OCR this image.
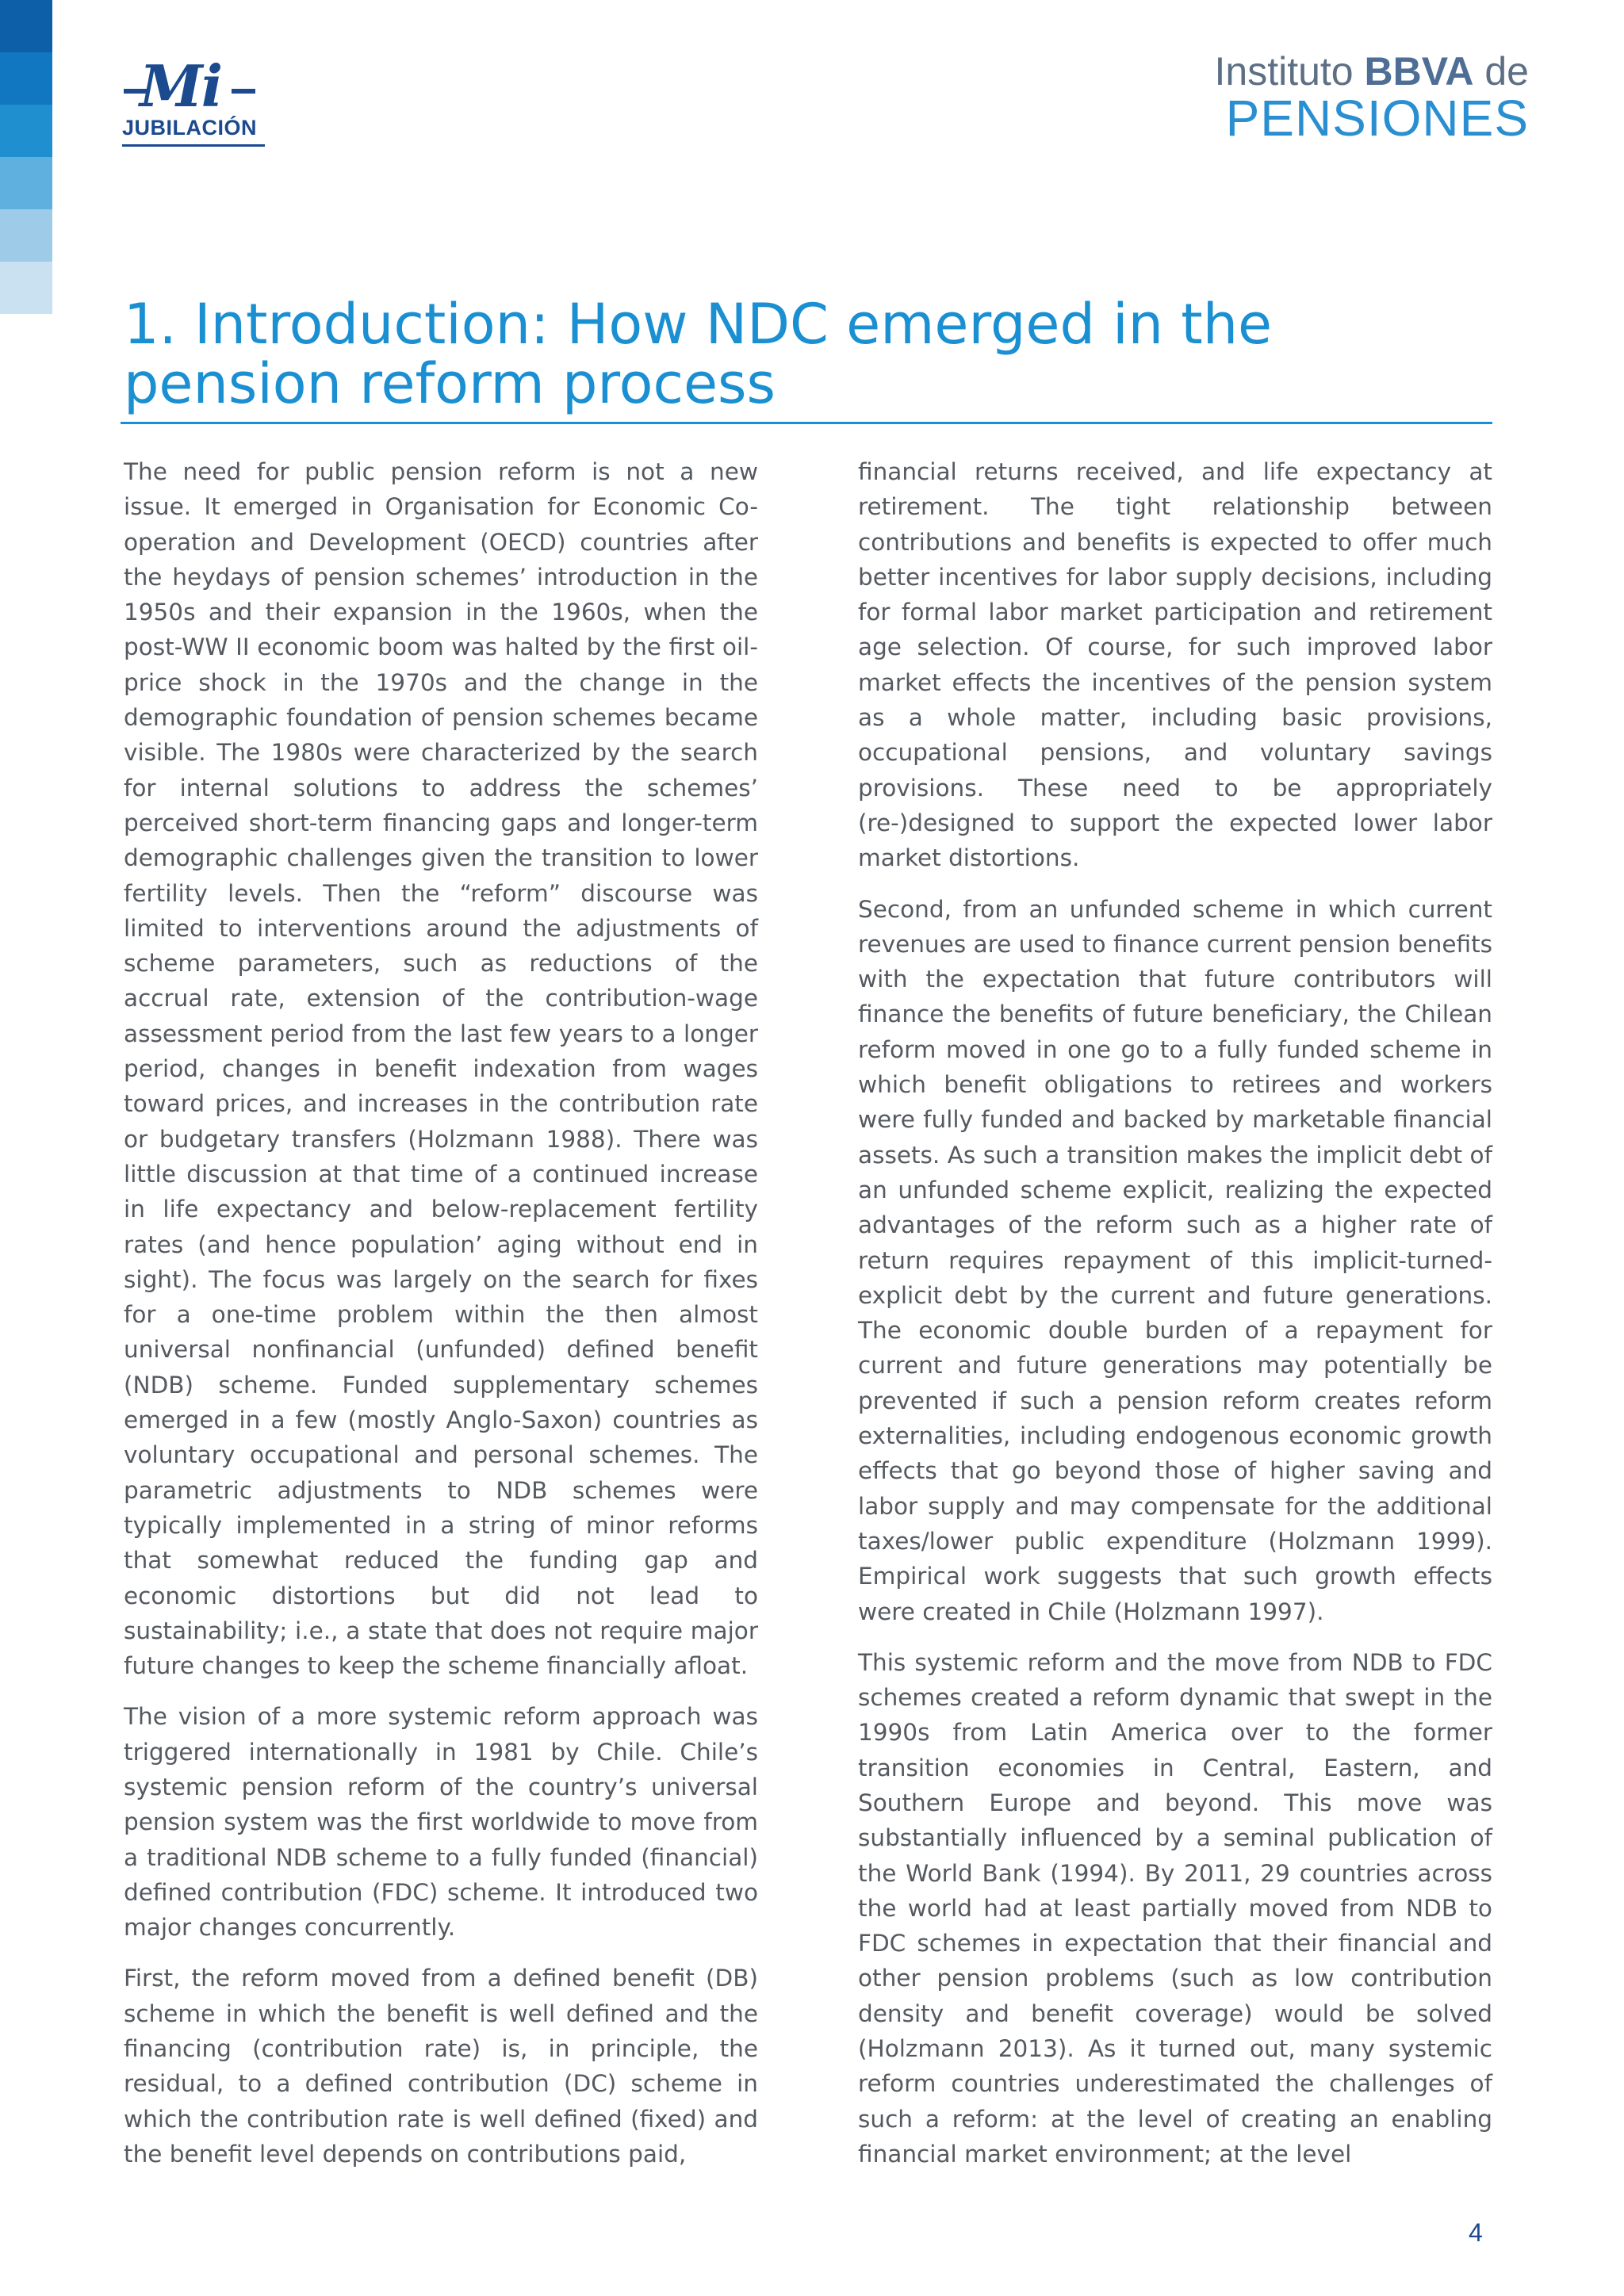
Mi
JUBILACIÓN
Instituto BBVA de
PENSIONES
1. Introduction: How NDC emerged in the pension reform process

The need for public pension reform is not a new issue. It emerged in Organisation for Economic Co-operation and Development (OECD) countries after the heydays of pension schemes’ introduction in the 1950s and their expansion in the 1960s, when the post-WW II economic boom was halted by the first oil-price shock in the 1970s and the change in the demographic foundation of pension schemes became visible. The 1980s were characterized by the search for internal solutions to address the schemes’ perceived short-term financing gaps and longer-term demographic challenges given the transition to lower fertility levels. Then the “reform” discourse was limited to interventions around the adjustments of scheme parameters, such as reductions of the accrual rate, extension of the contribution-wage assessment period from the last few years to a longer period, changes in benefit indexation from wages toward prices, and increases in the contribution rate or budgetary transfers (Holzmann 1988). There was little discussion at that time of a continued increase in life expectancy and below-replacement fertility rates (and hence population’ aging without end in sight). The focus was largely on the search for fixes for a one-time problem within the then almost universal nonfinancial (unfunded) defined benefit (NDB) scheme. Funded supplementary schemes emerged in a few (mostly Anglo-Saxon) countries as voluntary occupational and personal schemes. The parametric adjustments to NDB schemes were typically implemented in a string of minor reforms that somewhat reduced the funding gap and economic distortions but did not lead to sustainability; i.e., a state that does not require major future changes to keep the scheme financially afloat.

The vision of a more systemic reform approach was triggered internationally in 1981 by Chile. Chile’s systemic pension reform of the country’s universal pension system was the first worldwide to move from a traditional NDB scheme to a fully funded (financial) defined contribution (FDC) scheme. It introduced two major changes concurrently.

First, the reform moved from a defined benefit (DB) scheme in which the benefit is well defined and the financing (contribution rate) is, in principle, the residual, to a defined contribution (DC) scheme in which the contribution rate is well defined (fixed) and the benefit level depends on contributions paid,

financial returns received, and life expectancy at retirement. The tight relationship between contributions and benefits is expected to offer much better incentives for labor supply decisions, including for formal labor market participation and retirement age selection. Of course, for such improved labor market effects the incentives of the pension system as a whole matter, including basic provisions, occupational pensions, and voluntary savings provisions. These need to be appropriately (re-)designed to support the expected lower labor market distortions.

Second, from an unfunded scheme in which current revenues are used to finance current pension benefits with the expectation that future contributors will finance the benefits of future beneficiary, the Chilean reform moved in one go to a fully funded scheme in which benefit obligations to retirees and workers were fully funded and backed by marketable financial assets. As such a transition makes the implicit debt of an unfunded scheme explicit, realizing the expected advantages of the reform such as a higher rate of return requires repayment of this implicit-turned-explicit debt by the current and future generations. The economic double burden of a repayment for current and future generations may potentially be prevented if such a pension reform creates reform externalities, including endogenous economic growth effects that go beyond those of higher saving and labor supply and may compensate for the additional taxes/lower public expenditure (Holzmann 1999). Empirical work suggests that such growth effects were created in Chile (Holzmann 1997).

This systemic reform and the move from NDB to FDC schemes created a reform dynamic that swept in the 1990s from Latin America over to the former transition economies in Central, Eastern, and Southern Europe and beyond. This move was substantially influenced by a seminal publication of the World Bank (1994). By 2011, 29 countries across the world had at least partially moved from NDB to FDC schemes in expectation that their financial and other pension problems (such as low contribution density and benefit coverage) would be solved (Holzmann 2013). As it turned out, many systemic reform countries underestimated the challenges of such a reform: at the level of creating an enabling financial market environment; at the level

4
